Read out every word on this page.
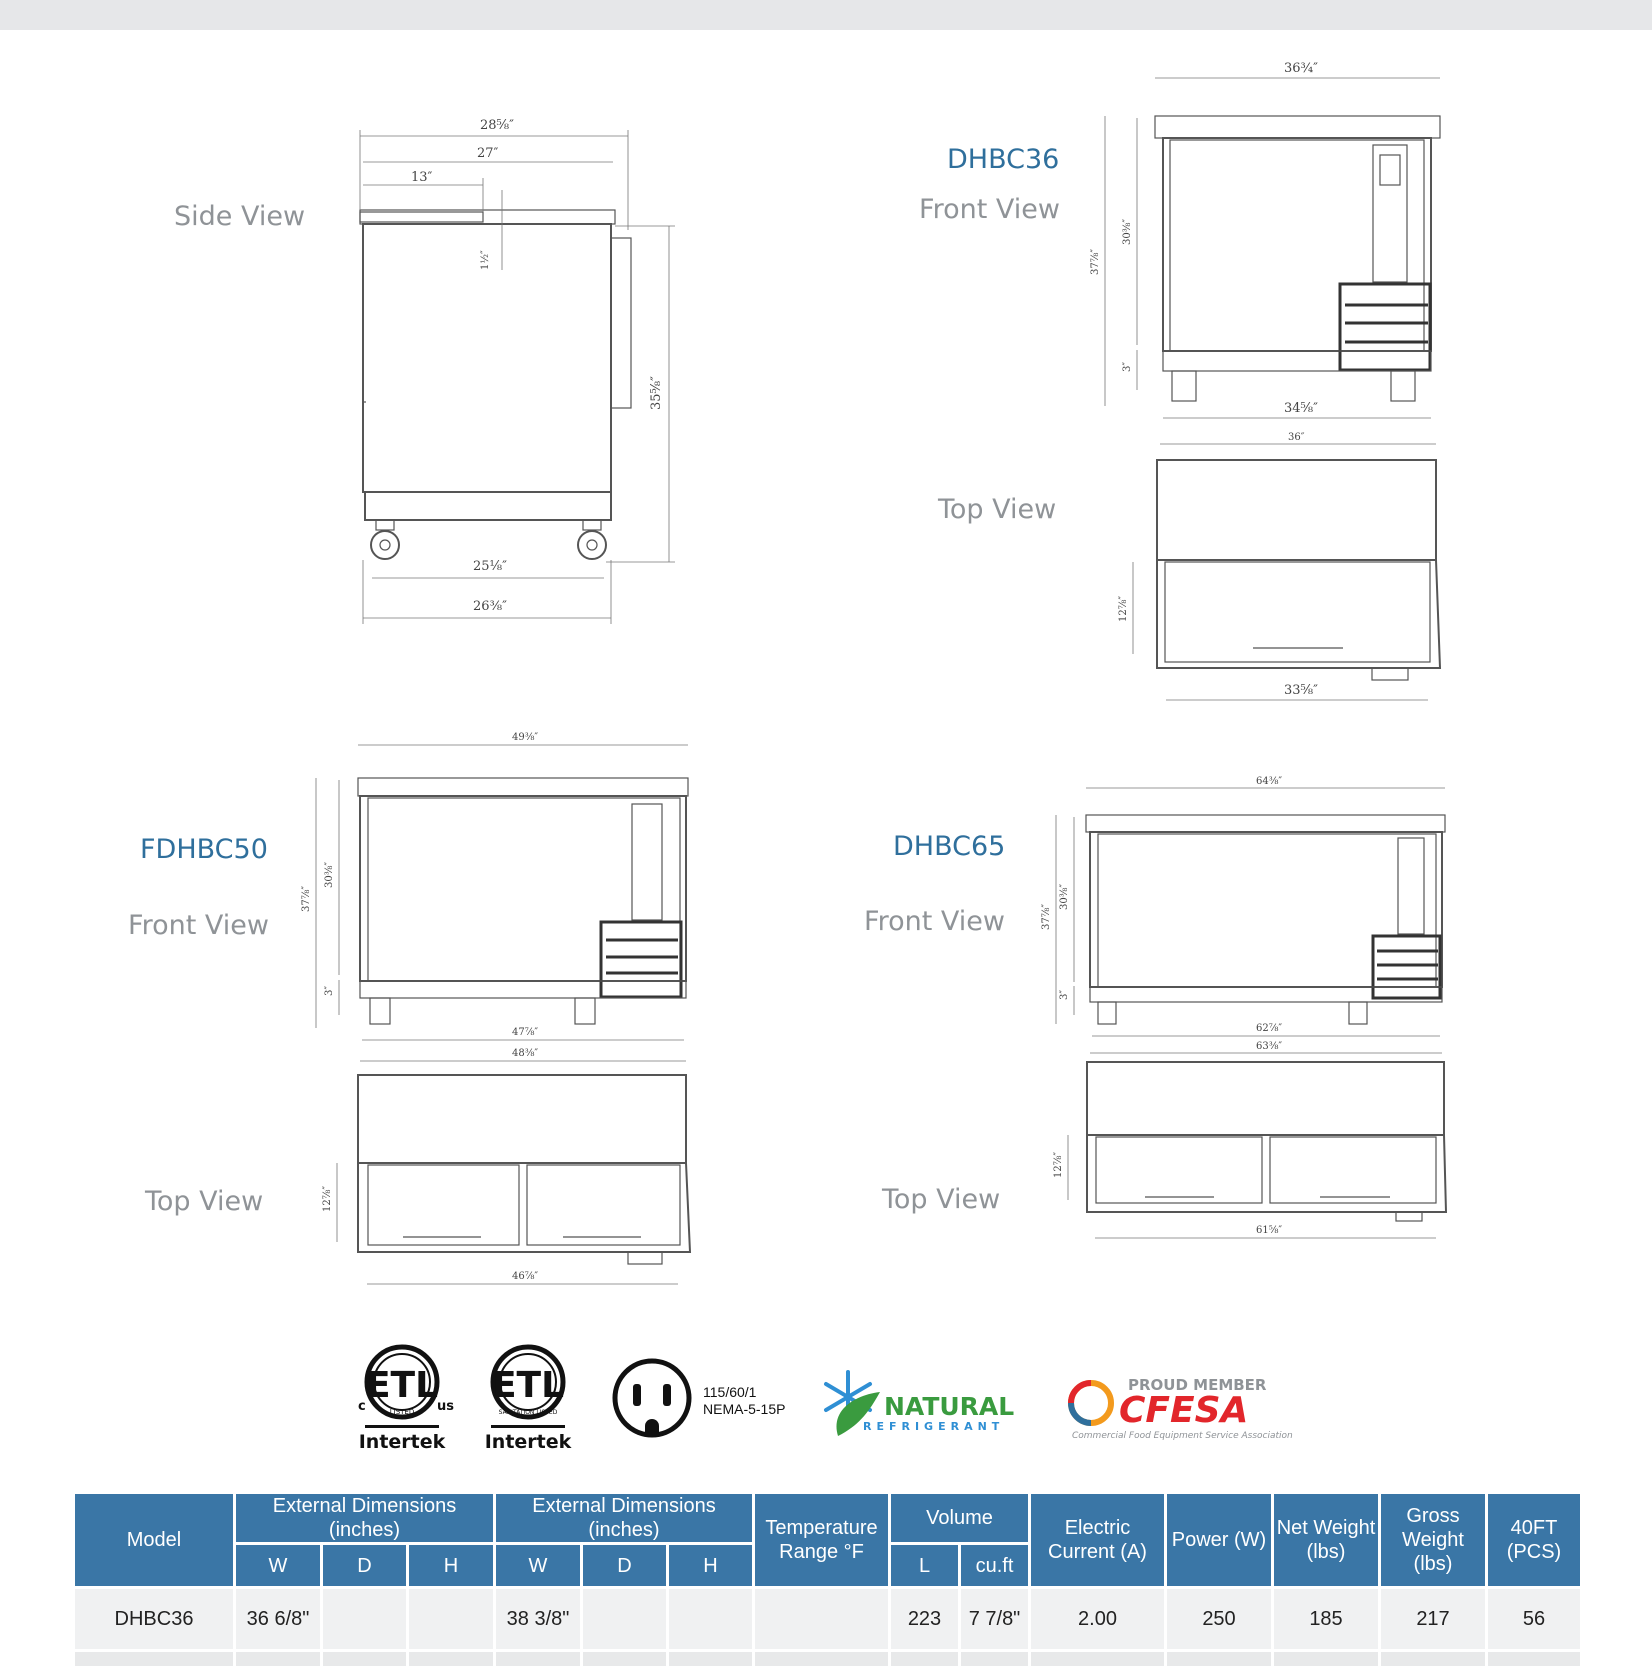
Side View
28⅝″
27″
13″
1½″
35⅝″
25⅛″
26⅜″
DHBC36
Front View
36¾″
37⅞″
30⅜″
3″
34⅝″
36″
Top View
12⅞″
33⅝″
FDHBC50
Front View
49⅜″
37⅞″
30⅜″
3″
47⅞″
48⅜″
Top View	12⅞″
46⅞″
DHBC65
Front View
64⅜″
37⅞″
30⅜″
3″
62⅞″
63⅜″
Top View
12⅞″
61⅝″
ETL
c	us
LISTED
Intertek
ETL
SANITATION LISTED
Intertek
115/60/1
NEMA-5-15P	NATURAL
REFRIGERANT
PROUD MEMBER
CFESA
Commercial Food Equipment Service Association
Model	External Dimensions (inches)			External Dimensions (inches)			Temperature Range °F	Volume		Electric Current (A)	Power (W)	Net Weight (lbs)	Gross Weight (lbs)	40FT (PCS)
	W	D	H	W	D	H		L	cu.ft					
DHBC36	36 6/8"			38 3/8"				223	7 7/8"	2.00	250	185	217	56
